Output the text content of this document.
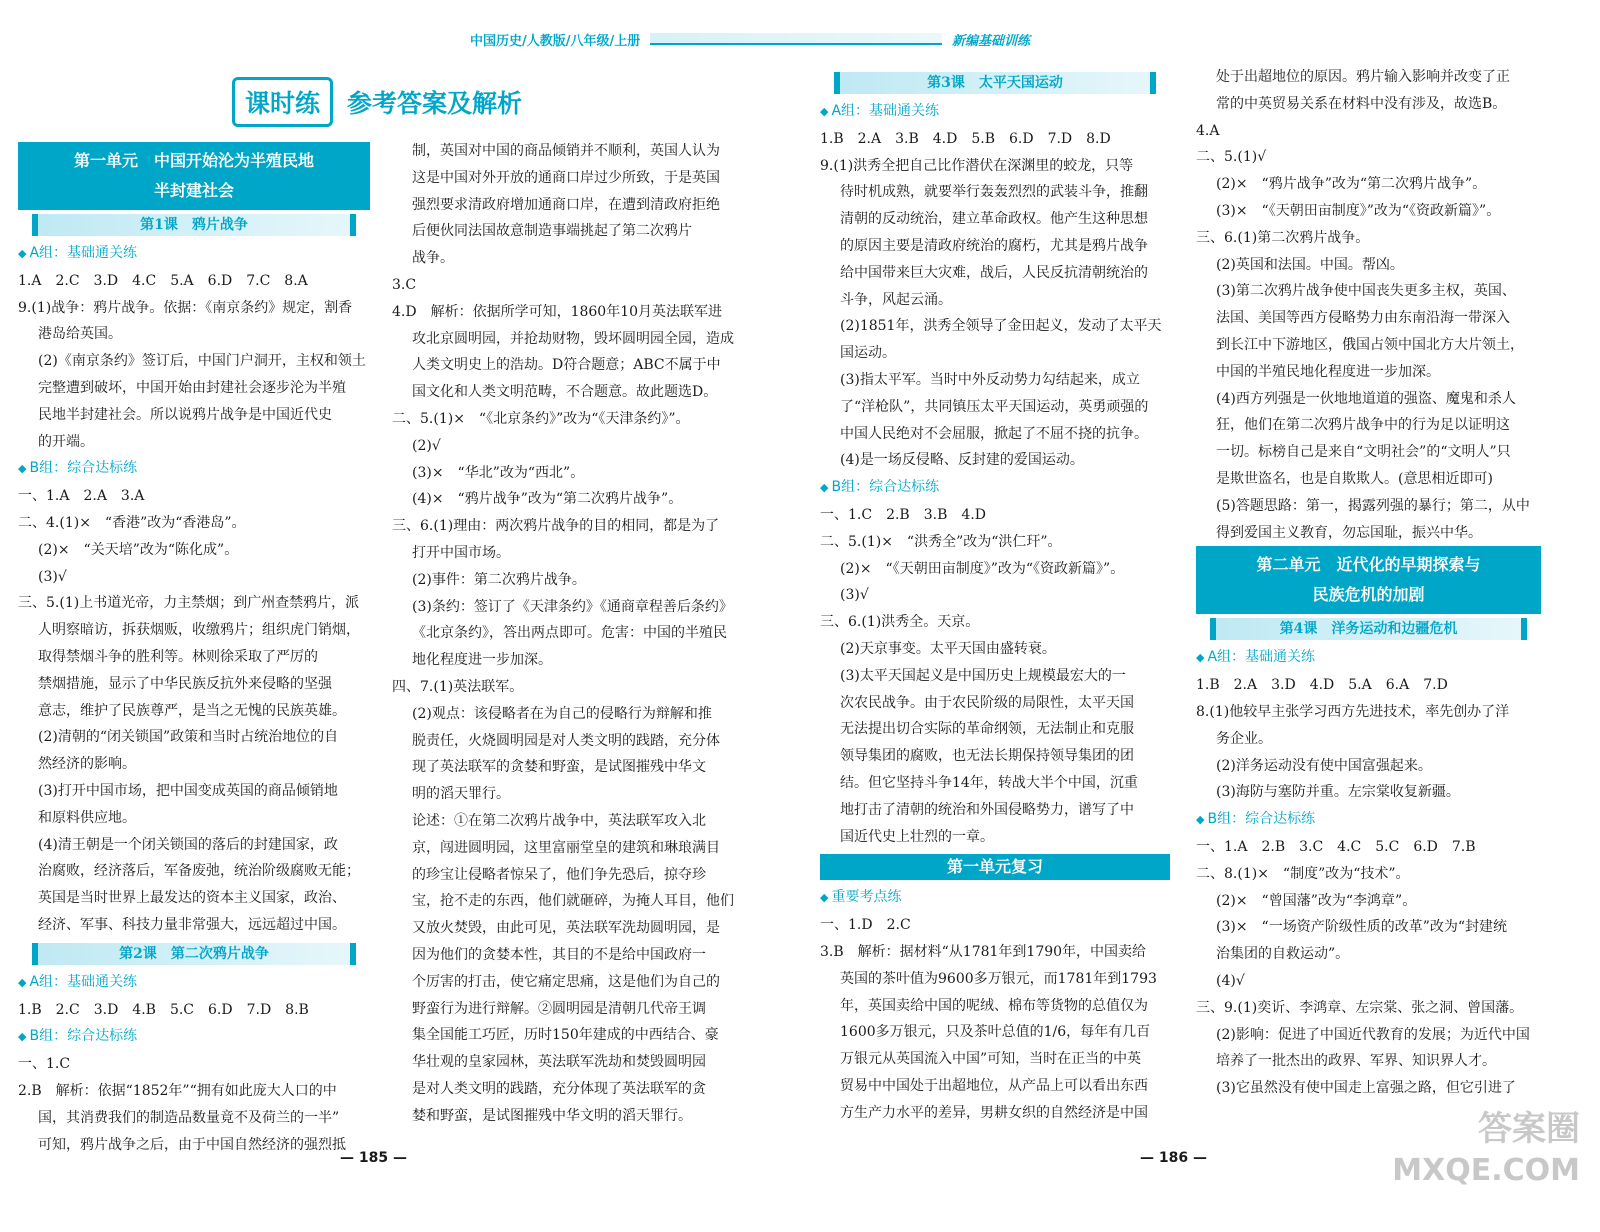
中国历史/人教版/八年级/上册	新编基础训练
课时练	参考答案及解析
第一单元　中国开始沦为半殖民地
半封建社会
第1课　鸦片战争

◆ A组：基础通关练

1.A　2.C　3.D　4.C　5.A　6.D　7.C　8.A

9.(1)战争：鸦片战争。依据：《南京条约》规定，割香

港岛给英国。

(2)《南京条约》签订后，中国门户洞开，主权和领土

完整遭到破坏，中国开始由封建社会逐步沦为半殖

民地半封建社会。所以说鸦片战争是中国近代史

的开端。

◆ B组：综合达标练

一、1.A　2.A　3.A

二、4.(1)×　“香港”改为“香港岛”。

(2)×　“关天培”改为“陈化成”。

(3)√

三、5.(1)上书道光帝，力主禁烟；到广州查禁鸦片，派

人明察暗访，拆获烟贩，收缴鸦片；组织虎门销烟，

取得禁烟斗争的胜利等。林则徐采取了严厉的

禁烟措施，显示了中华民族反抗外来侵略的坚强

意志，维护了民族尊严，是当之无愧的民族英雄。

(2)清朝的“闭关锁国”政策和当时占统治地位的自

然经济的影响。

(3)打开中国市场，把中国变成英国的商品倾销地

和原料供应地。

(4)清王朝是一个闭关锁国的落后的封建国家，政

治腐败，经济落后，军备废弛，统治阶级腐败无能；

英国是当时世界上最发达的资本主义国家，政治、

经济、军事、科技力量非常强大，远远超过中国。

第2课　第二次鸦片战争

◆ A组：基础通关练

1.B　2.C　3.D　4.B　5.C　6.D　7.D　8.B

◆ B组：综合达标练

一、1.C

2.B　解析：依据“1852年”“拥有如此庞大人口的中

国，其消费我们的制造品数量竟不及荷兰的一半”

可知，鸦片战争之后，由于中国自然经济的强烈抵

制，英国对中国的商品倾销并不顺利，英国人认为

这是中国对外开放的通商口岸过少所致，于是英国

强烈要求清政府增加通商口岸，在遭到清政府拒绝

后便伙同法国故意制造事端挑起了第二次鸦片

战争。

3.C

4.D　解析：依据所学可知，1860年10月英法联军进

攻北京圆明园，并抢劫财物，毁坏圆明园全园，造成

人类文明史上的浩劫。D符合题意；ABC不属于中

国文化和人类文明范畴，不合题意。故此题选D。

二、5.(1)×　“《北京条约》”改为“《天津条约》”。

(2)√

(3)×　“华北”改为“西北”。

(4)×　“鸦片战争”改为“第二次鸦片战争”。

三、6.(1)理由：两次鸦片战争的目的相同，都是为了

打开中国市场。

(2)事件：第二次鸦片战争。

(3)条约：签订了《天津条约》《通商章程善后条约》

《北京条约》，答出两点即可。危害：中国的半殖民

地化程度进一步加深。

四、7.(1)英法联军。

(2)观点：该侵略者在为自己的侵略行为辩解和推

脱责任，火烧圆明园是对人类文明的践踏，充分体

现了英法联军的贪婪和野蛮，是试图摧残中华文

明的滔天罪行。

论述：①在第二次鸦片战争中，英法联军攻入北

京，闯进圆明园，这里富丽堂皇的建筑和琳琅满目

的珍宝让侵略者惊呆了，他们争先恐后，掠夺珍

宝，抢不走的东西，他们就砸碎，为掩人耳目，他们

又放火焚毁，由此可见，英法联军洗劫圆明园，是

因为他们的贪婪本性，其目的不是给中国政府一

个厉害的打击，使它痛定思痛，这是他们为自己的

野蛮行为进行辩解。②圆明园是清朝几代帝王调

集全国能工巧匠，历时150年建成的中西结合、豪

华壮观的皇家园林，英法联军洗劫和焚毁圆明园

是对人类文明的践踏，充分体现了英法联军的贪

婪和野蛮，是试图摧残中华文明的滔天罪行。

第3课　太平天国运动

◆ A组：基础通关练

1.B　2.A　3.B　4.D　5.B　6.D　7.D　8.D

9.(1)洪秀全把自己比作潜伏在深渊里的蛟龙，只等

待时机成熟，就要举行轰轰烈烈的武装斗争，推翻

清朝的反动统治，建立革命政权。他产生这种思想

的原因主要是清政府统治的腐朽，尤其是鸦片战争

给中国带来巨大灾难，战后，人民反抗清朝统治的

斗争，风起云涌。

(2)1851年，洪秀全领导了金田起义，发动了太平天

国运动。

(3)指太平军。当时中外反动势力勾结起来，成立

了“洋枪队”，共同镇压太平天国运动，英勇顽强的

中国人民绝对不会屈服，掀起了不屈不挠的抗争。

(4)是一场反侵略、反封建的爱国运动。

◆ B组：综合达标练

一、1.C　2.B　3.B　4.D

二、5.(1)×　“洪秀全”改为“洪仁玕”。

(2)×　“《天朝田亩制度》”改为“《资政新篇》”。

(3)√

三、6.(1)洪秀全。天京。

(2)天京事变。太平天国由盛转衰。

(3)太平天国起义是中国历史上规模最宏大的一

次农民战争。由于农民阶级的局限性，太平天国

无法提出切合实际的革命纲领，无法制止和克服

领导集团的腐败，也无法长期保持领导集团的团

结。但它坚持斗争14年，转战大半个中国，沉重

地打击了清朝的统治和外国侵略势力，谱写了中

国近代史上壮烈的一章。

第一单元复习

◆ 重要考点练

一、1.D　2.C

3.B　解析：据材料“从1781年到1790年，中国卖给

英国的茶叶值为9600多万银元，而1781年到1793

年，英国卖给中国的呢绒、棉布等货物的总值仅为

1600多万银元，只及茶叶总值的1/6，每年有几百

万银元从英国流入中国”可知，当时在正当的中英

贸易中中国处于出超地位，从产品上可以看出东西

方生产力水平的差异，男耕女织的自然经济是中国

处于出超地位的原因。鸦片输入影响并改变了正

常的中英贸易关系在材料中没有涉及，故选B。

4.A

二、5.(1)√

(2)×　“鸦片战争”改为“第二次鸦片战争”。

(3)×　“《天朝田亩制度》”改为“《资政新篇》”。

三、6.(1)第二次鸦片战争。

(2)英国和法国。中国。帮凶。

(3)第二次鸦片战争使中国丧失更多主权，英国、

法国、美国等西方侵略势力由东南沿海一带深入

到长江中下游地区，俄国占领中国北方大片领土，

中国的半殖民地化程度进一步加深。

(4)西方列强是一伙地地道道的强盗、魔鬼和杀人

狂，他们在第二次鸦片战争中的行为足以证明这

一切。标榜自己是来自“文明社会”的“文明人”只

是欺世盗名，也是自欺欺人。(意思相近即可)

(5)答题思路：第一，揭露列强的暴行；第二，从中

得到爱国主义教育，勿忘国耻，振兴中华。

第二单元　近代化的早期探索与
民族危机的加剧
第4课　洋务运动和边疆危机

◆ A组：基础通关练

1.B　2.A　3.D　4.D　5.A　6.A　7.D

8.(1)他较早主张学习西方先进技术，率先创办了洋

务企业。

(2)洋务运动没有使中国富强起来。

(3)海防与塞防并重。左宗棠收复新疆。

◆ B组：综合达标练

一、1.A　2.B　3.C　4.C　5.C　6.D　7.B

二、8.(1)×　“制度”改为“技术”。

(2)×　“曾国藩”改为“李鸿章”。

(3)×　“一场资产阶级性质的改革”改为“封建统

治集团的自救运动”。

(4)√

三、9.(1)奕䜣、李鸿章、左宗棠、张之洞、曾国藩。

(2)影响：促进了中国近代教育的发展；为近代中国

培养了一批杰出的政界、军界、知识界人才。

(3)它虽然没有使中国走上富强之路，但它引进了

— 185 —	— 186 —
答案圈
MXQE.COM
